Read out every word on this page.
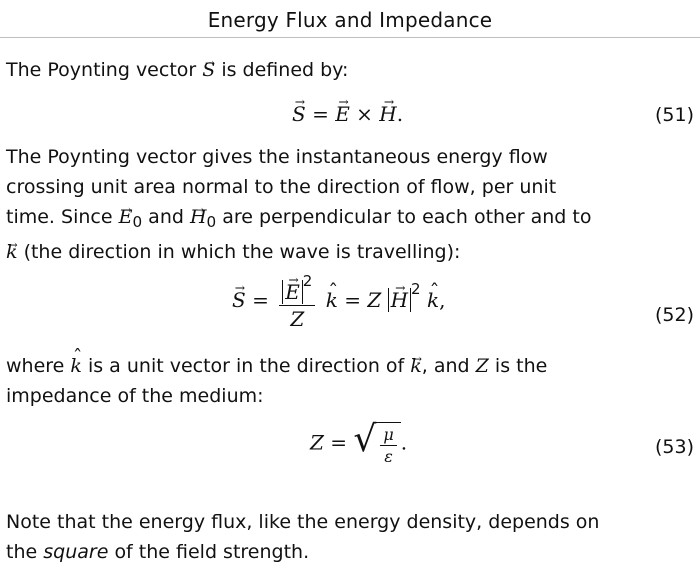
Energy Flux and Impedance
The Poynting vector → S is defined by:
→ S = → E × → H.	(51)
The Poynting vector gives the instantaneous energy flow
crossing unit area normal to the direction of flow, per unit
time. Since → $E_0$ and → $H_0$ are perpendicular to each other and to
→ k (the direction in which the wave is travelling):
→ S = → $\frac{E ^2}{Z}$ ˆ k = Z → H $^2$ ˆ k,
(52)
where ˆ k is a unit vector in the direction of → k, and Z is the
impedance of the medium:
Z = √ $\frac{\mu}{\varepsilon}$ .	(53)
Note that the energy flux, like the energy density, depends on
the square of the field strength.
